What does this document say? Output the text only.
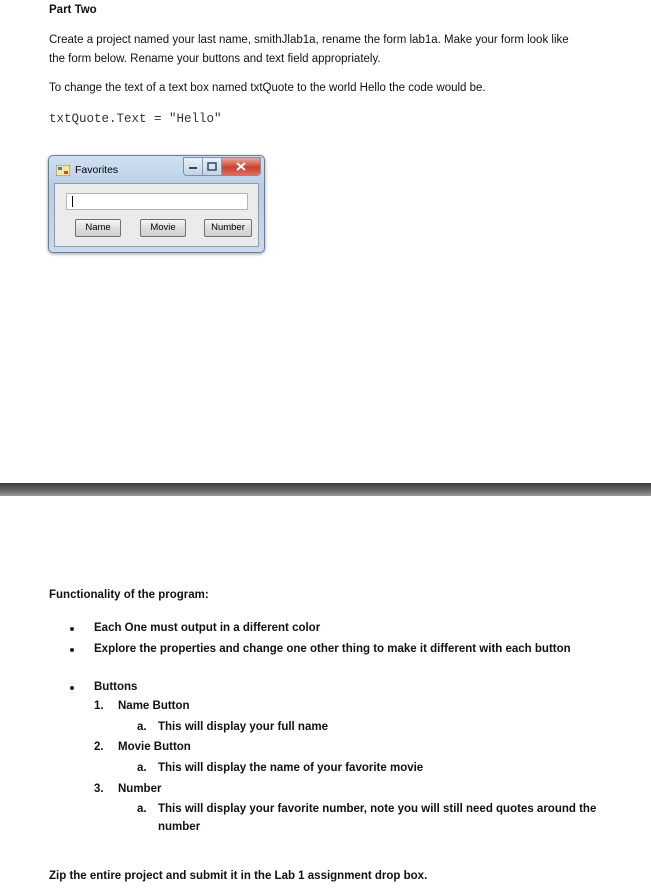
Part Two
Create a project named your last name, smithJlab1a, rename the form lab1a. Make your form look like
the form below. Rename your buttons and text field appropriately.
To change the text of a text box named txtQuote to the world Hello the code would be.
txtQuote.Text = "Hello"
Favorites
Name	Movie	Number
Functionality of the program:
Each One must output in a different color
Explore the properties and change one other thing to make it different with each button
Buttons
1. Name Button
a. This will display your full name
2. Movie Button
a. This will display the name of your favorite movie
3. Number
a. This will display your favorite number, note you will still need quotes around the
number
Zip the entire project and submit it in the Lab 1 assignment drop box.
